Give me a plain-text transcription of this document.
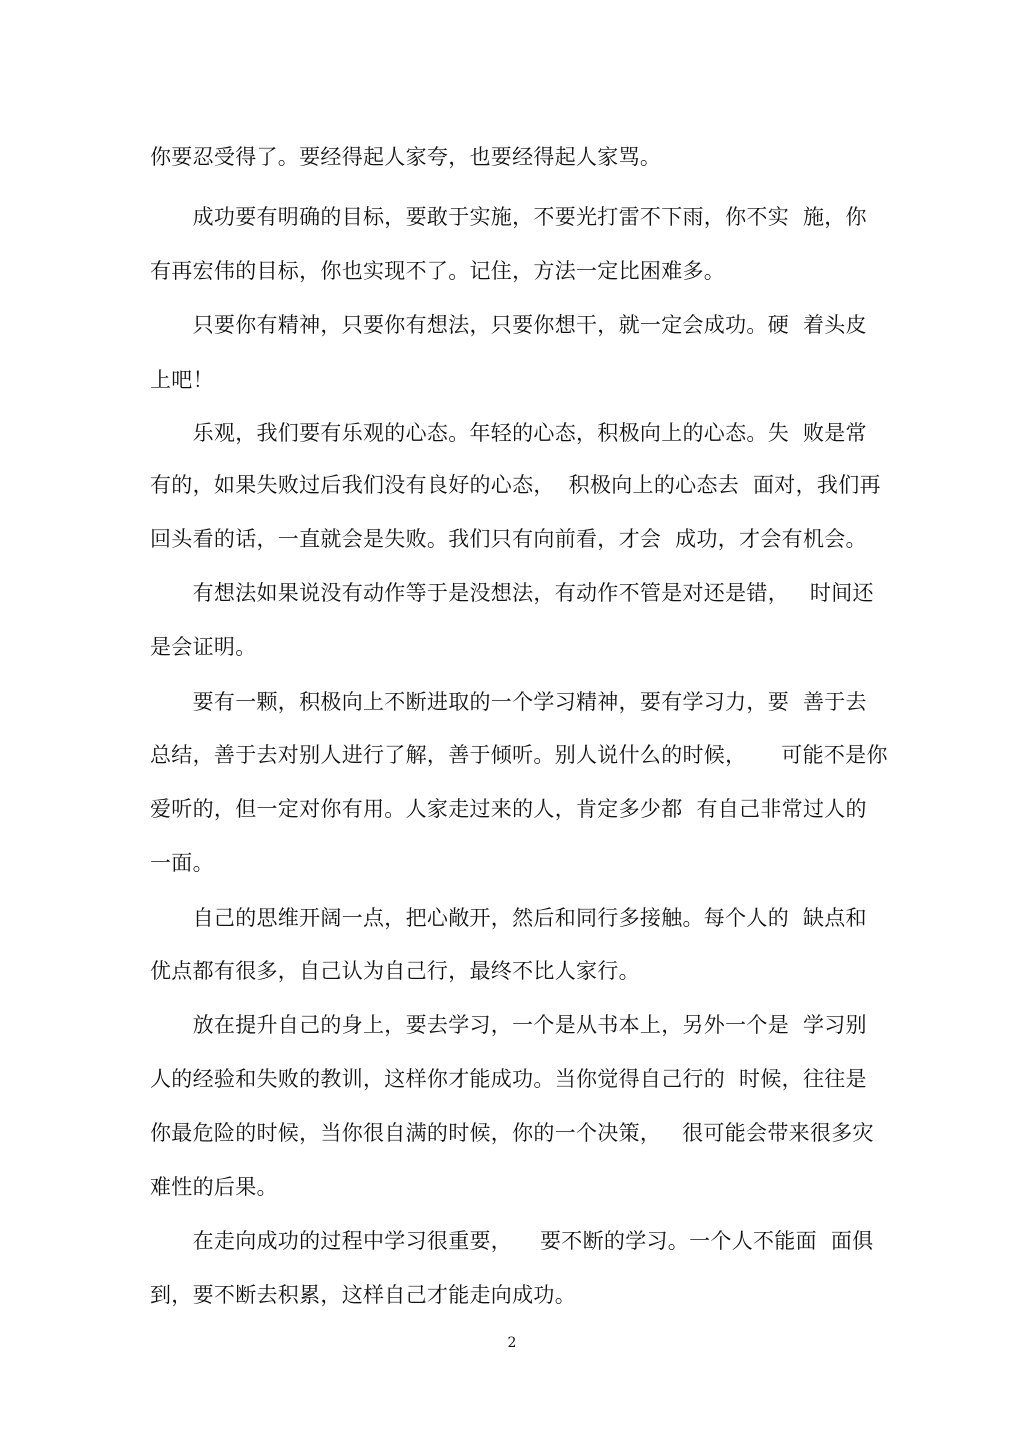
你要忍受得了。要经得起人家夸，也要经得起人家骂。
　　成功要有明确的目标，要敢于实施，不要光打雷不下雨，你不实  施，你
有再宏伟的目标，你也实现不了。记住，方法一定比困难多。
　　只要你有精神，只要你有想法，只要你想干，就一定会成功。硬  着头皮
上吧！
　　乐观，我们要有乐观的心态。年轻的心态，积极向上的心态。失  败是常
有的，如果失败过后我们没有良好的心态，  积极向上的心态去  面对，我们再
回头看的话，一直就会是失败。我们只有向前看，才会  成功，才会有机会。
　　有想法如果说没有动作等于是没想法，有动作不管是对还是错，   时间还
是会证明。
　　要有一颗，积极向上不断进取的一个学习精神，要有学习力，要  善于去
总结，善于去对别人进行了解，善于倾听。别人说什么的时候，     可能不是你
爱听的，但一定对你有用。人家走过来的人，肯定多少都  有自己非常过人的
一面。
　　自己的思维开阔一点，把心敞开，然后和同行多接触。每个人的  缺点和
优点都有很多，自己认为自己行，最终不比人家行。
　　放在提升自己的身上，要去学习，一个是从书本上，另外一个是  学习别
人的经验和失败的教训，这样你才能成功。当你觉得自己行的  时候，往往是
你最危险的时候，当你很自满的时候，你的一个决策，   很可能会带来很多灾
难性的后果。
　　在走向成功的过程中学习很重要，    要不断的学习。一个人不能面  面俱
到，要不断去积累，这样自己才能走向成功。
2
